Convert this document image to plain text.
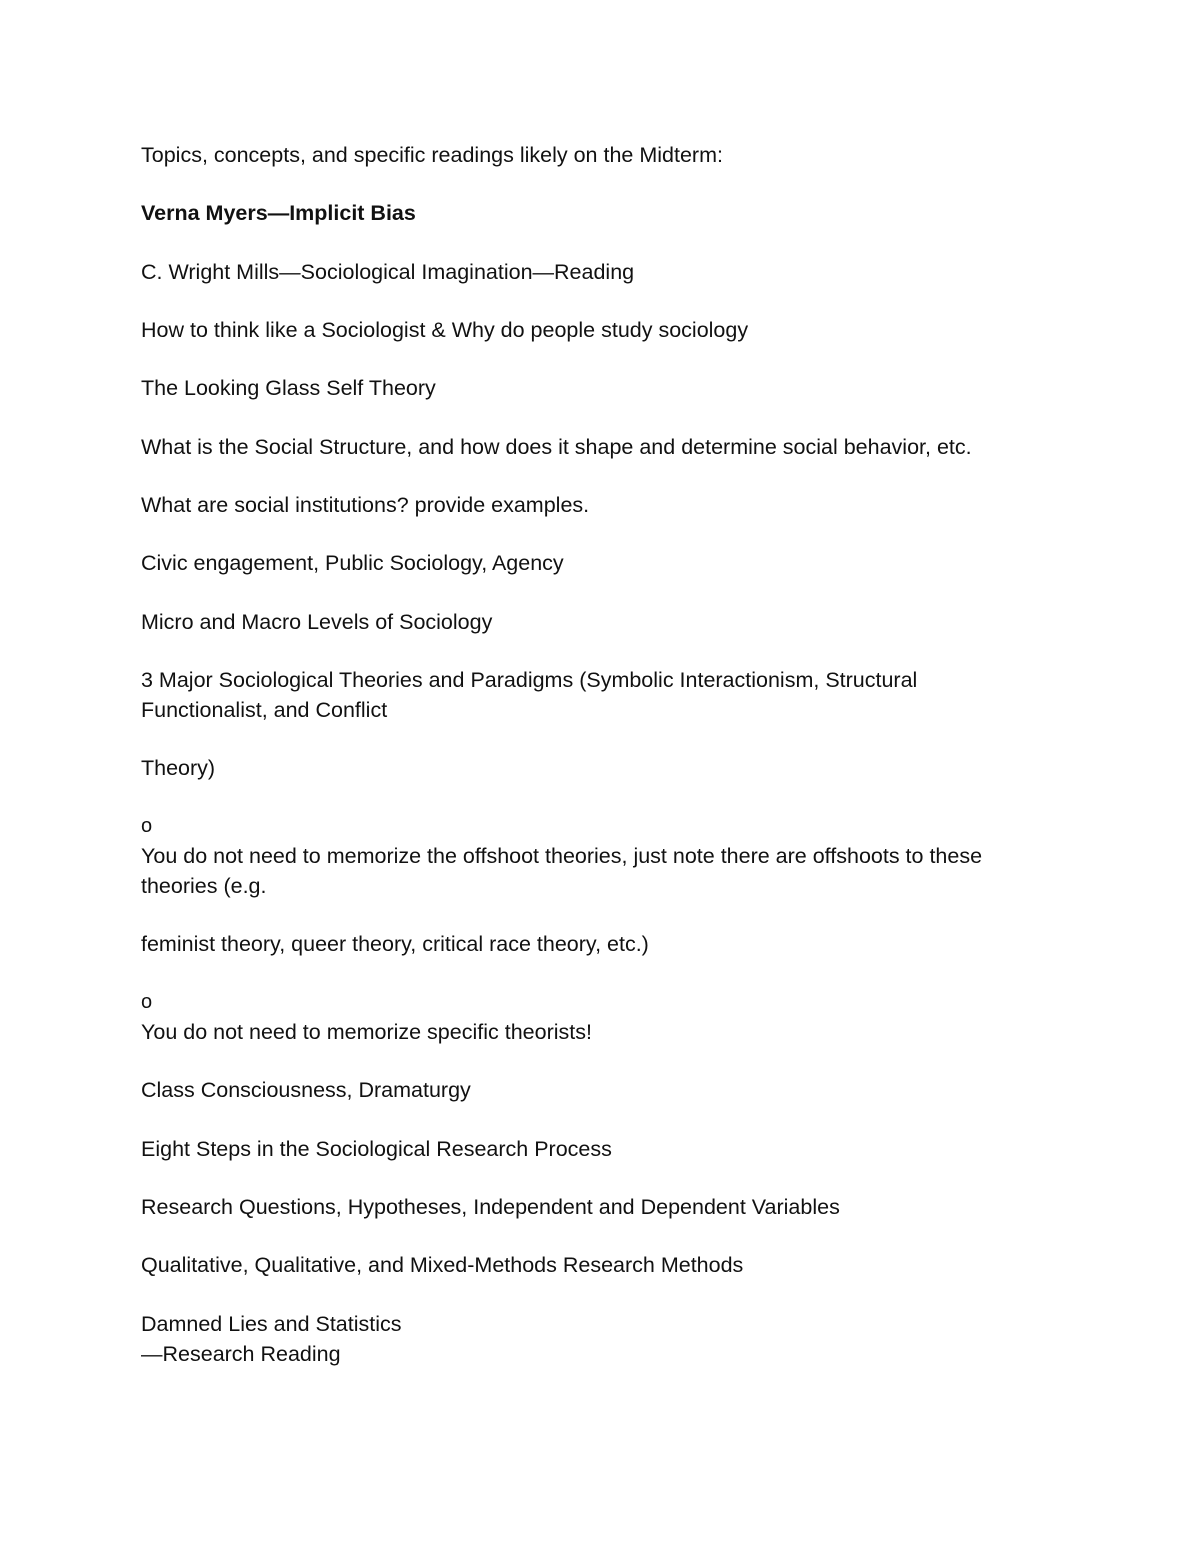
Topics, concepts, and specific readings likely on the Midterm:
Verna Myers—Implicit Bias
C. Wright Mills—Sociological Imagination—Reading
How to think like a Sociologist & Why do people study sociology
The Looking Glass Self Theory
What is the Social Structure, and how does it shape and determine social behavior, etc.
What are social institutions? provide examples.
Civic engagement, Public Sociology, Agency
Micro and Macro Levels of Sociology
3 Major Sociological Theories and Paradigms (Symbolic Interactionism, Structural
Functionalist, and Conflict
Theory)
o
You do not need to memorize the offshoot theories, just note there are offshoots to these
theories (e.g.
feminist theory, queer theory, critical race theory, etc.)
o
You do not need to memorize specific theorists!
Class Consciousness, Dramaturgy
Eight Steps in the Sociological Research Process
Research Questions, Hypotheses, Independent and Dependent Variables
Qualitative, Qualitative, and Mixed-Methods Research Methods
Damned Lies and Statistics
—Research Reading
